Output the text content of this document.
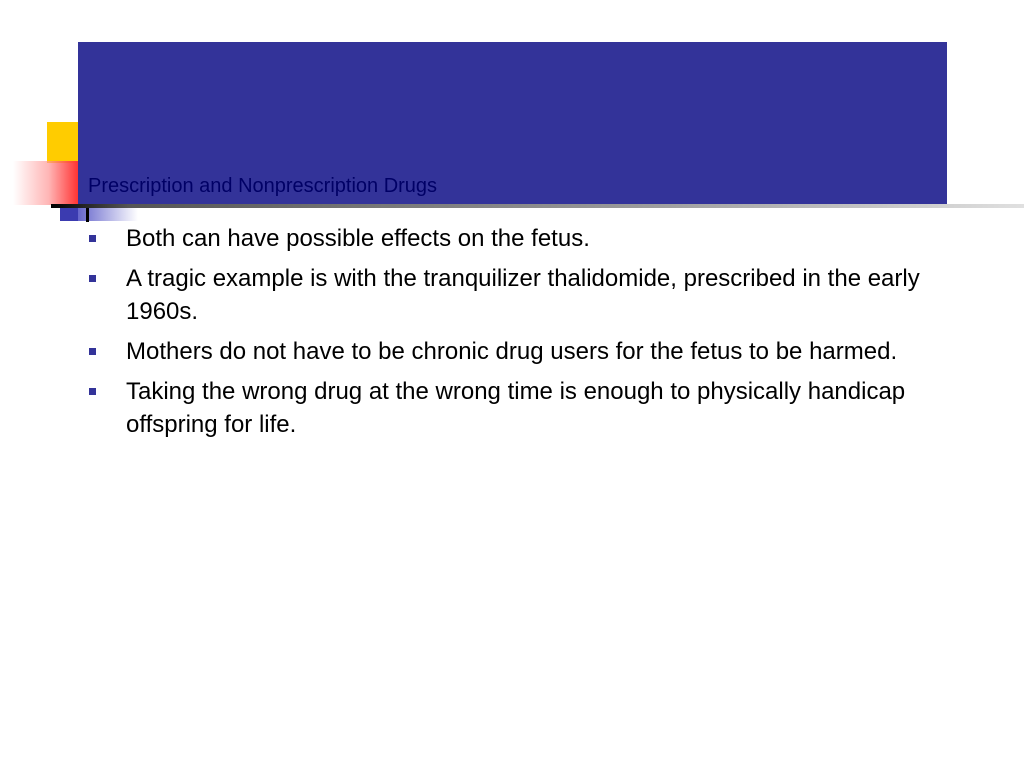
Prescription and Nonprescription Drugs
Both can have possible effects on the fetus.
A tragic example is with the tranquilizer thalidomide, prescribed in the early 1960s.
Mothers do not have to be chronic drug users for the fetus to be harmed.
Taking the wrong drug at the wrong time is enough to physically handicap offspring for life.
